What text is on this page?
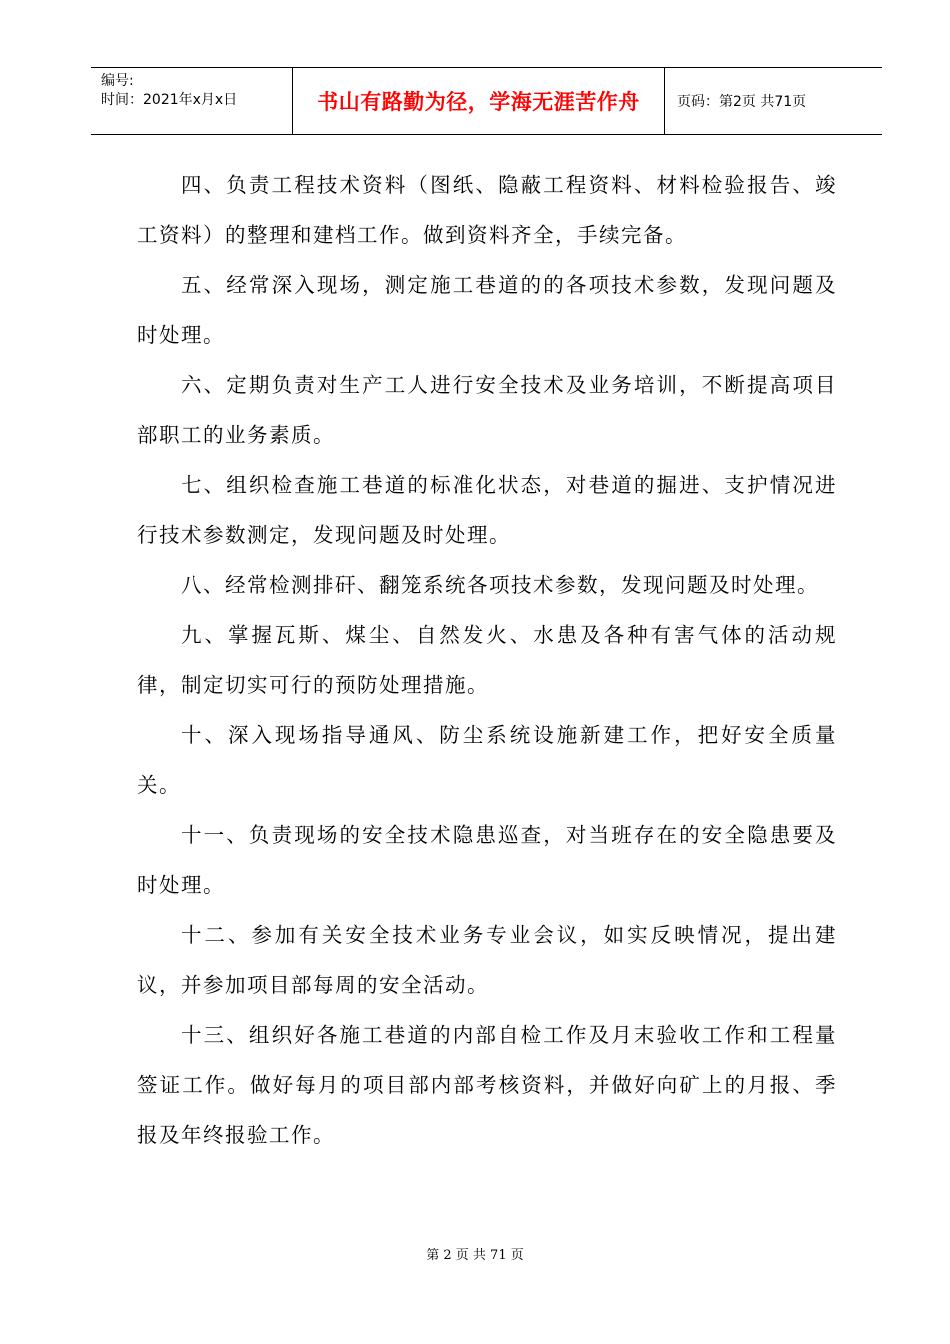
编号:
时间：2021年x月x日	书山有路勤为径，学海无涯苦作舟	页码：第2页 共71页

四、负责工程技术资料（图纸、隐蔽工程资料、材料检验报告、竣工资料）的整理和建档工作。做到资料齐全，手续完备。

五、经常深入现场，测定施工巷道的的各项技术参数，发现问题及时处理。

六、定期负责对生产工人进行安全技术及业务培训，不断提高项目部职工的业务素质。

七、组织检查施工巷道的标准化状态，对巷道的掘进、支护情况进行技术参数测定，发现问题及时处理。

八、经常检测排矸、翻笼系统各项技术参数，发现问题及时处理。

九、掌握瓦斯、煤尘、自然发火、水患及各种有害气体的活动规律，制定切实可行的预防处理措施。

十、深入现场指导通风、防尘系统设施新建工作，把好安全质量关。

十一、负责现场的安全技术隐患巡查，对当班存在的安全隐患要及时处理。

十二、参加有关安全技术业务专业会议，如实反映情况，提出建议，并参加项目部每周的安全活动。

十三、组织好各施工巷道的内部自检工作及月末验收工作和工程量签证工作。做好每月的项目部内部考核资料，并做好向矿上的月报、季报及年终报验工作。

第 2 页 共 71 页
